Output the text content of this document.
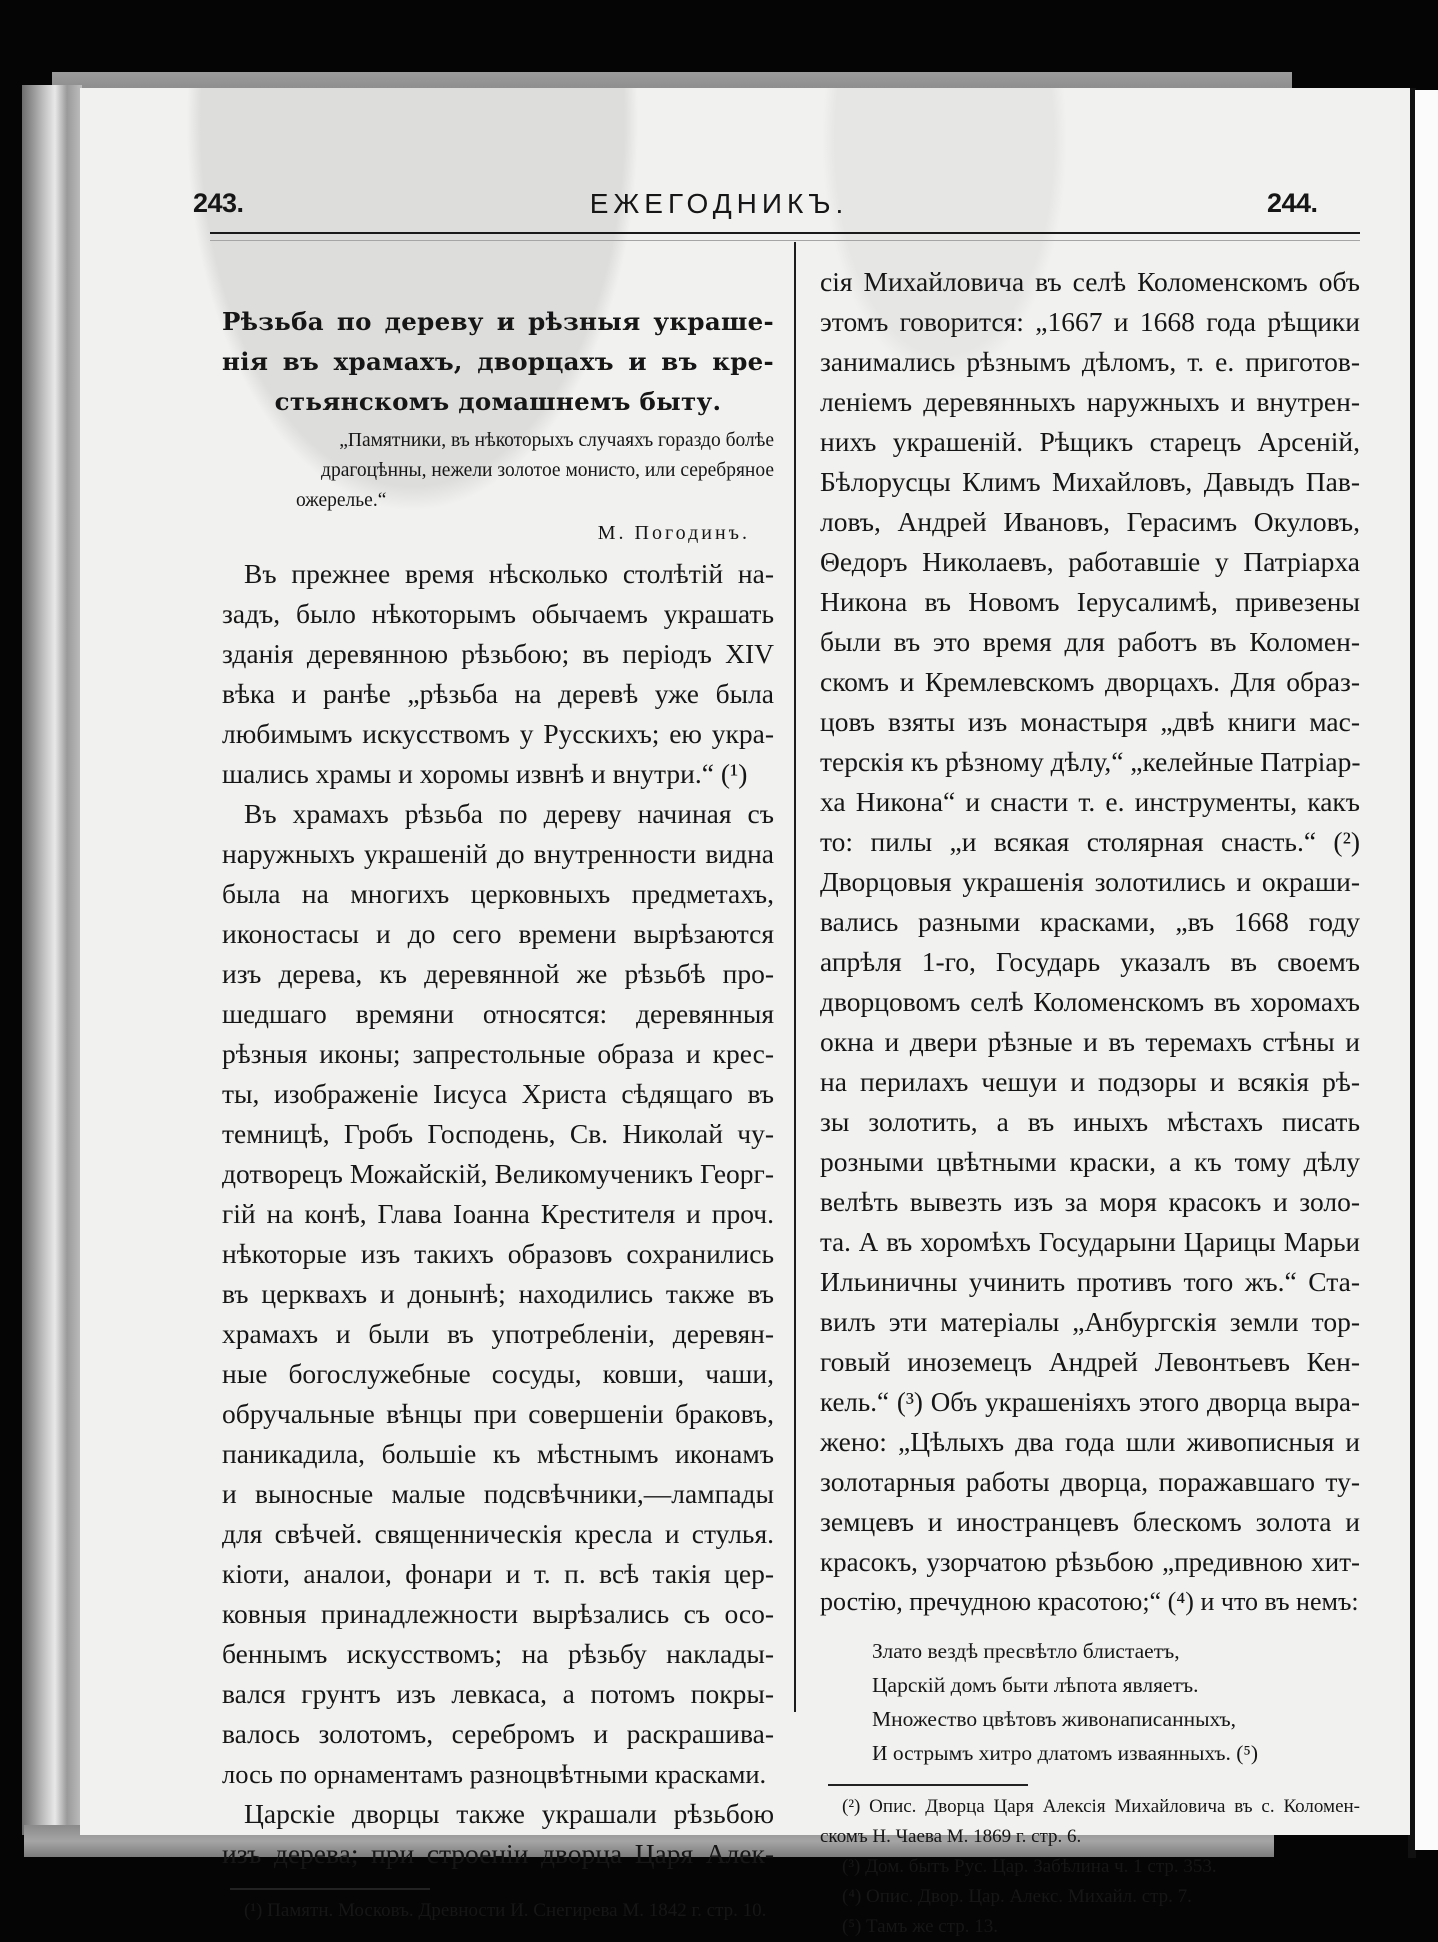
243.	ЕЖЕГОДНИКЪ.	244.
Рѣзьба по дереву и рѣзныя украше-
нія въ храмахъ, дворцахъ и въ кре-
стьянскомъ домашнемъ быту.
„Памятники, въ нѣкоторыхъ случаяхъ гораздо болѣе
драгоцѣнны, нежели золотое монисто, или серебряное
ожерелье.“
М. Погодинъ.
Въ прежнее время нѣсколько столѣтій на-
задъ, было нѣкоторымъ обычаемъ украшать
зданія деревянною рѣзьбою; въ періодъ XIV
вѣка и ранѣе „рѣзьба на деревѣ уже была
любимымъ искусствомъ у Русскихъ; ею укра-
шались храмы и хоромы извнѣ и внутри.“ (¹)
Въ храмахъ рѣзьба по дереву начиная съ
наружныхъ украшеній до внутренности видна
была на многихъ церковныхъ предметахъ,
иконостасы и до сего времени вырѣзаются
изъ дерева, къ деревянной же рѣзьбѣ про-
шедшаго времяни относятся: деревянныя
рѣзныя иконы; запрестольные образа и крес-
ты, изображеніе Іисуса Христа сѣдящаго въ
темницѣ, Гробъ Господень, Св. Николай чу-
дотворецъ Можайскій, Великомученикъ Георг-
гій на конѣ, Глава Іоанна Крестителя и проч.
нѣкоторые изъ такихъ образовъ сохранились
въ церквахъ и донынѣ; находились также въ
храмахъ и были въ употребленіи, деревян-
ные богослужебные сосуды, ковши, чаши,
обручальные вѣнцы при совершеніи браковъ,
паникадила, большіе къ мѣстнымъ иконамъ
и выносные малые подсвѣчники,—лампады
для свѣчей. священническія кресла и стулья.
кіоти, аналои, фонари и т. п. всѣ такія цер-
ковныя принадлежности вырѣзались съ осо-
беннымъ искусствомъ; на рѣзьбу наклады-
вался грунтъ изъ левкаса, а потомъ покры-
валось золотомъ, серебромъ и раскрашива-
лось по орнаментамъ разноцвѣтными красками.
Царскіе дворцы также украшали рѣзьбою
изъ дерева; при строеніи дворца Царя Алек-
(¹) Памятн. Московъ. Древности И. Снегирева М. 1842 г. стр. 10.
сія Михайловича въ селѣ Коломенскомъ объ
этомъ говорится: „1667 и 1668 года рѣщики
занимались рѣзнымъ дѣломъ, т. е. приготов-
леніемъ деревянныхъ наружныхъ и внутрен-
нихъ украшеній. Рѣщикъ старецъ Арсеній,
Бѣлорусцы Климъ Михайловъ, Давыдъ Пав-
ловъ, Андрей Ивановъ, Герасимъ Окуловъ,
Θедоръ Николаевъ, работавшіе у Патріарха
Никона въ Новомъ Іерусалимѣ, привезены
были въ это время для работъ въ Коломен-
скомъ и Кремлевскомъ дворцахъ. Для образ-
цовъ взяты изъ монастыря „двѣ книги мас-
терскія къ рѣзному дѣлу,“ „келейные Патріар-
ха Никона“ и снасти т. е. инструменты, какъ
то: пилы „и всякая столярная снасть.“ (²)
Дворцовыя украшенія золотились и окраши-
вались разными красками, „въ 1668 году
апрѣля 1-го, Государь указалъ въ своемъ
дворцовомъ селѣ Коломенскомъ въ хоромахъ
окна и двери рѣзные и въ теремахъ стѣны и
на перилахъ чешуи и подзоры и всякія рѣ-
зы золотить, а въ иныхъ мѣстахъ писать
розными цвѣтными краски, а къ тому дѣлу
велѣть вывезть изъ за моря красокъ и золо-
та. А въ хоромѣхъ Государыни Царицы Марьи
Ильиничны учинить противъ того жъ.“ Ста-
вилъ эти матеріалы „Анбургскія земли тор-
говый иноземецъ Андрей Левонтьевъ Кен-
кель.“ (³) Объ украшеніяхъ этого дворца выра-
жено: „Цѣлыхъ два года шли живописныя и
золотарныя работы дворца, поражавшаго ту-
земцевъ и иностранцевъ блескомъ золота и
красокъ, узорчатою рѣзьбою „предивною хит-
ростію, пречудною красотою;“ (⁴) и что въ немъ:
Злато вездѣ пресвѣтло блистаетъ,
Царскій домъ быти лѣпота являетъ.
Множество цвѣтовъ живонаписанныхъ,
И острымъ хитро длатомъ изваянныхъ. (⁵)
(²) Опис. Дворца Царя Алексія Михайловича въ с. Коломен-
скомъ Н. Чаева М. 1869 г. стр. 6.
(³) Дом. бытъ Рус. Цар. Забѣлина ч. 1 стр. 353.
(⁴) Опис. Двор. Цар. Алекс. Михайл. стр. 7.
(⁵) Тамъ же стр. 13.
